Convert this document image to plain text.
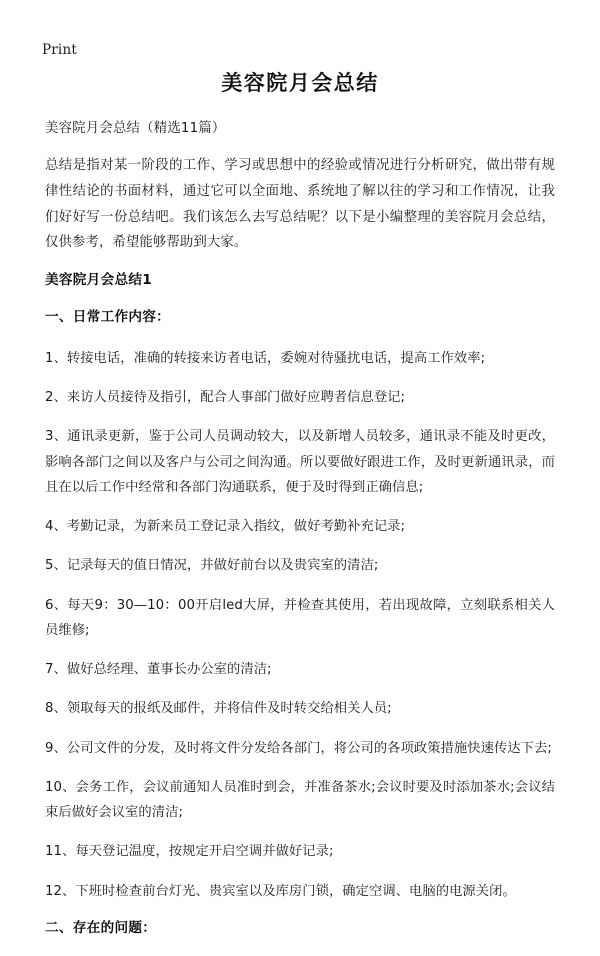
Print
美容院月会总结

美容院月会总结（精选11篇）

总结是指对某一阶段的工作、学习或思想中的经验或情况进行分析研究，做出带有规律性结论的书面材料，通过它可以全面地、系统地了解以往的学习和工作情况，让我们好好写一份总结吧。我们该怎么去写总结呢？以下是小编整理的美容院月会总结，仅供参考，希望能够帮助到大家。

美容院月会总结1
一、日常工作内容：

1、转接电话，准确的转接来访者电话，委婉对待骚扰电话，提高工作效率;

2、来访人员接待及指引，配合人事部门做好应聘者信息登记;

3、通讯录更新，鉴于公司人员调动较大，以及新增人员较多，通讯录不能及时更改，影响各部门之间以及客户与公司之间沟通。所以要做好跟进工作，及时更新通讯录，而且在以后工作中经常和各部门沟通联系，便于及时得到正确信息;

4、考勤记录，为新来员工登记录入指纹，做好考勤补充记录;

5、记录每天的值日情况，并做好前台以及贵宾室的清洁;

6、每天9：30—10：00开启led大屏，并检查其使用，若出现故障，立刻联系相关人员维修;

7、做好总经理、董事长办公室的清洁;

8、领取每天的报纸及邮件，并将信件及时转交给相关人员;

9、公司文件的分发，及时将文件分发给各部门，将公司的各项政策措施快速传达下去;

10、会务工作，会议前通知人员准时到会，并准备茶水;会议时要及时添加茶水;会议结束后做好会议室的清洁;

11、每天登记温度，按规定开启空调并做好记录;

12、下班时检查前台灯光、贵宾室以及库房门锁，确定空调、电脑的电源关闭。

二、存在的问题：
